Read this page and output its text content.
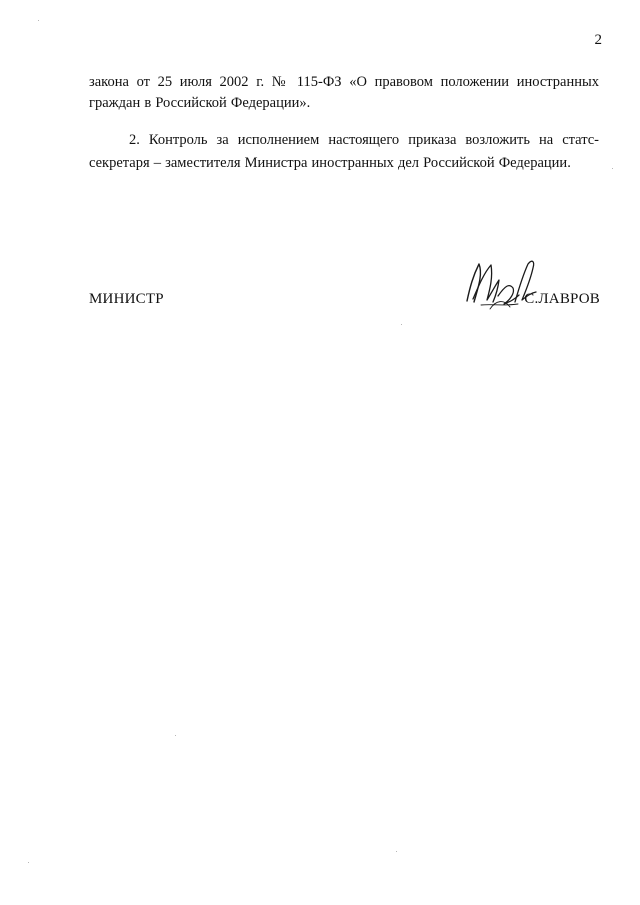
2

закона от 25 июля 2002 г. № 115-ФЗ «О правовом положении иностранных граждан в Российской Федерации».

2. Контроль за исполнением настоящего приказа возложить на статс-секретаря – заместителя Министра иностранных дел Российской Федерации.

МИНИСТР	С.ЛАВРОВ
